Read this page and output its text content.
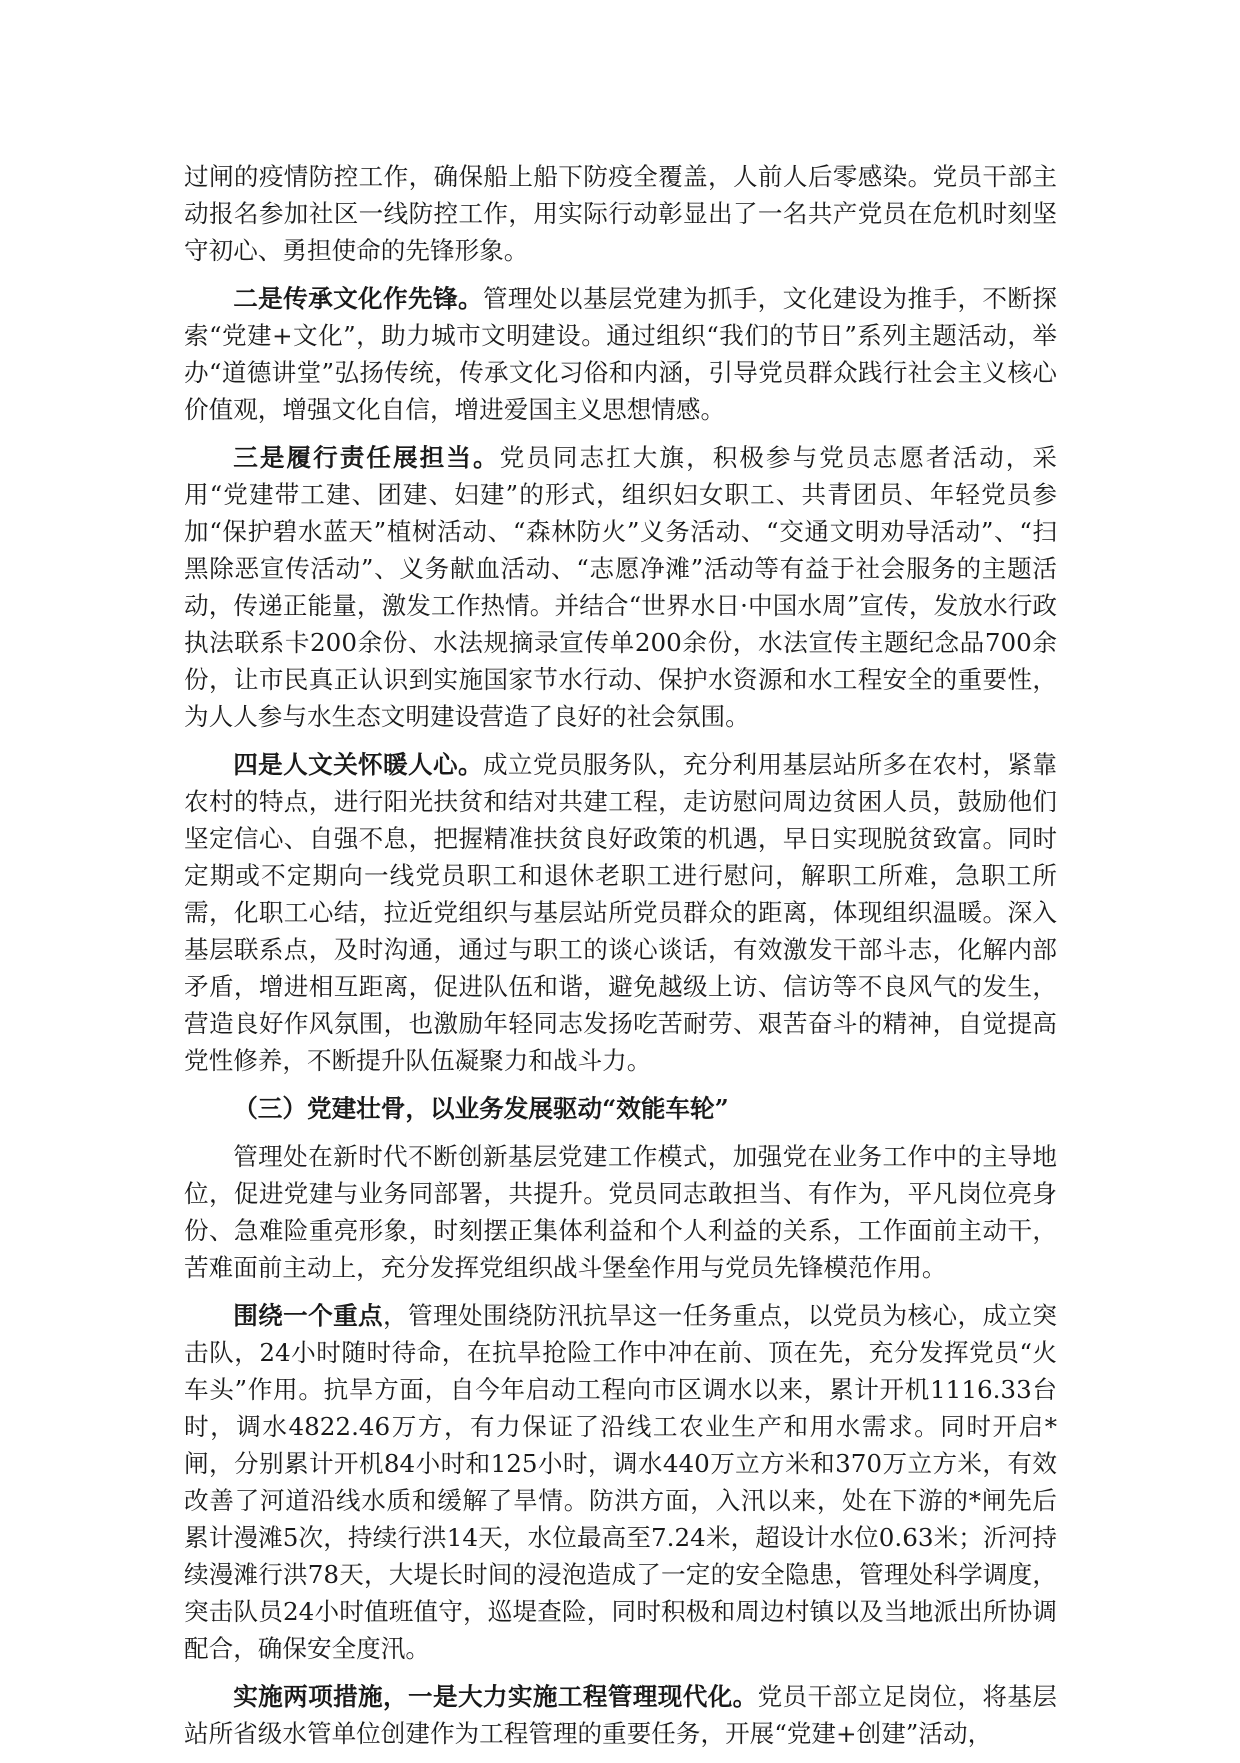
过闸的疫情防控工作，确保船上船下防疫全覆盖，人前人后零感染。党员干部主动报名参加社区一线防控工作，用实际行动彰显出了一名共产党员在危机时刻坚守初心、勇担使命的先锋形象。

二是传承文化作先锋。管理处以基层党建为抓手，文化建设为推手，不断探索“党建+文化”，助力城市文明建设。通过组织“我们的节日”系列主题活动，举办“道德讲堂”弘扬传统，传承文化习俗和内涵，引导党员群众践行社会主义核心价值观，增强文化自信，增进爱国主义思想情感。

三是履行责任展担当。党员同志扛大旗，积极参与党员志愿者活动，采用“党建带工建、团建、妇建”的形式，组织妇女职工、共青团员、年轻党员参加“保护碧水蓝天”植树活动、“森林防火”义务活动、“交通文明劝导活动”、“扫黑除恶宣传活动”、义务献血活动、“志愿净滩”活动等有益于社会服务的主题活动，传递正能量，激发工作热情。并结合“世界水日·中国水周”宣传，发放水行政执法联系卡200余份、水法规摘录宣传单200余份，水法宣传主题纪念品700余份，让市民真正认识到实施国家节水行动、保护水资源和水工程安全的重要性，为人人参与水生态文明建设营造了良好的社会氛围。

四是人文关怀暖人心。成立党员服务队，充分利用基层站所多在农村，紧靠农村的特点，进行阳光扶贫和结对共建工程，走访慰问周边贫困人员，鼓励他们坚定信心、自强不息，把握精准扶贫良好政策的机遇，早日实现脱贫致富。同时定期或不定期向一线党员职工和退休老职工进行慰问，解职工所难，急职工所需，化职工心结，拉近党组织与基层站所党员群众的距离，体现组织温暖。深入基层联系点，及时沟通，通过与职工的谈心谈话，有效激发干部斗志，化解内部矛盾，增进相互距离，促进队伍和谐，避免越级上访、信访等不良风气的发生，营造良好作风氛围，也激励年轻同志发扬吃苦耐劳、艰苦奋斗的精神，自觉提高党性修养，不断提升队伍凝聚力和战斗力。

（三）党建壮骨，以业务发展驱动“效能车轮”

管理处在新时代不断创新基层党建工作模式，加强党在业务工作中的主导地位，促进党建与业务同部署，共提升。党员同志敢担当、有作为，平凡岗位亮身份、急难险重亮形象，时刻摆正集体利益和个人利益的关系，工作面前主动干，苦难面前主动上，充分发挥党组织战斗堡垒作用与党员先锋模范作用。

围绕一个重点，管理处围绕防汛抗旱这一任务重点，以党员为核心，成立突击队，24小时随时待命，在抗旱抢险工作中冲在前、顶在先，充分发挥党员“火车头”作用。抗旱方面，自今年启动工程向市区调水以来，累计开机1116.33台时，调水4822.46万方，有力保证了沿线工农业生产和用水需求。同时开启*闸，分别累计开机84小时和125小时，调水440万立方米和370万立方米，有效改善了河道沿线水质和缓解了旱情。防洪方面，入汛以来，处在下游的*闸先后累计漫滩5次，持续行洪14天，水位最高至7.24米，超设计水位0.63米；沂河持续漫滩行洪78天，大堤长时间的浸泡造成了一定的安全隐患，管理处科学调度，突击队员24小时值班值守，巡堤查险，同时积极和周边村镇以及当地派出所协调配合，确保安全度汛。

实施两项措施，一是大力实施工程管理现代化。党员干部立足岗位，将基层站所省级水管单位创建作为工程管理的重要任务，开展“党建+创建”活动，
